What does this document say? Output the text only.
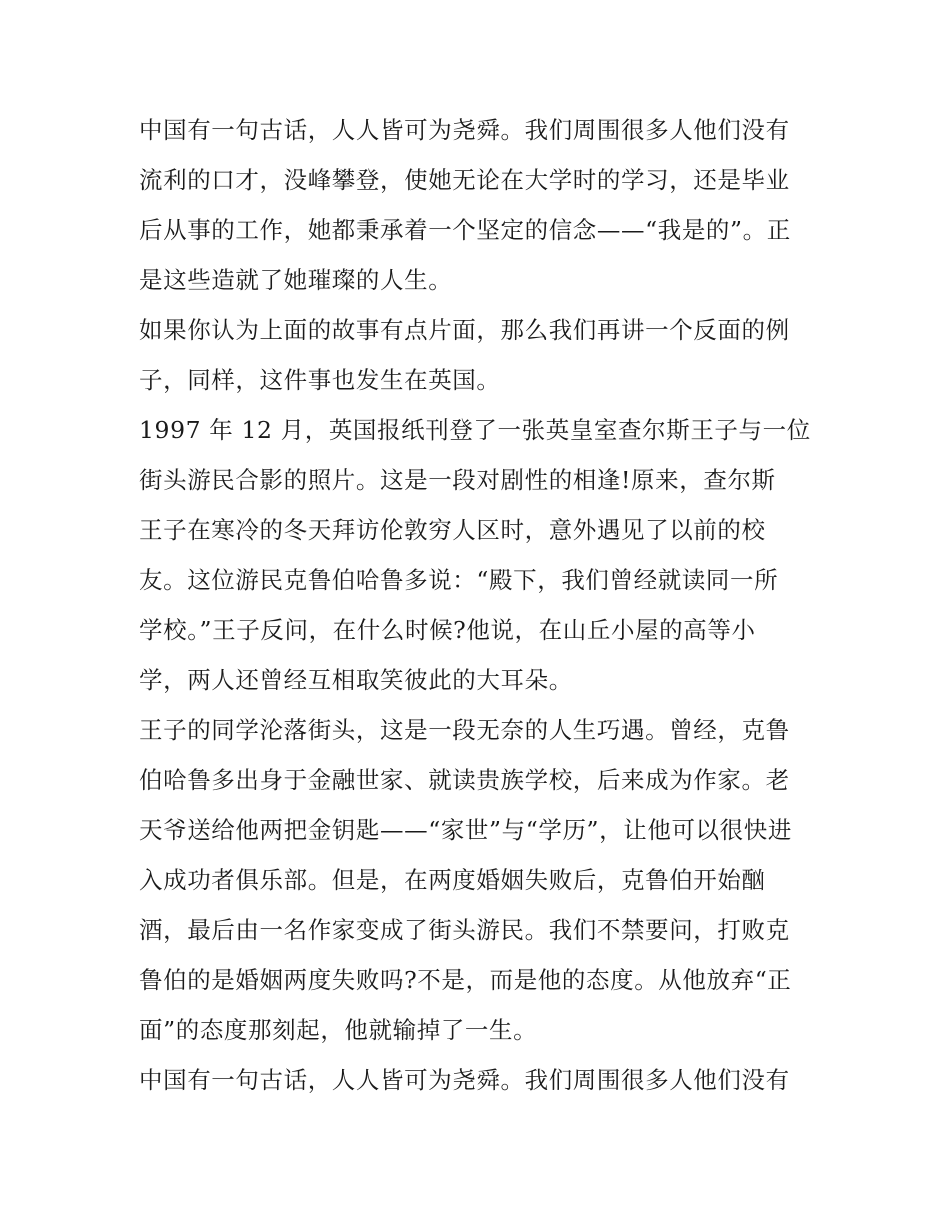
中国有一句古话，人人皆可为尧舜。我们周围很多人他们没有
流利的口才，没峰攀登，使她无论在大学时的学习，还是毕业
后从事的工作，她都秉承着一个坚定的信念——“我是的”。正
是这些造就了她璀璨的人生。
如果你认为上面的故事有点片面，那么我们再讲一个反面的例
子，同样，这件事也发生在英国。
1997 年 12 月，英国报纸刊登了一张英皇室查尔斯王子与一位
街头游民合影的照片。这是一段对剧性的相逢!原来，查尔斯
王子在寒冷的冬天拜访伦敦穷人区时，意外遇见了以前的校
友。这位游民克鲁伯哈鲁多说：“殿下，我们曾经就读同一所
学校。”王子反问，在什么时候?他说，在山丘小屋的高等小
学，两人还曾经互相取笑彼此的大耳朵。
王子的同学沦落街头，这是一段无奈的人生巧遇。曾经，克鲁
伯哈鲁多出身于金融世家、就读贵族学校，后来成为作家。老
天爷送给他两把金钥匙——“家世”与“学历”，让他可以很快进
入成功者俱乐部。但是，在两度婚姻失败后，克鲁伯开始酗
酒，最后由一名作家变成了街头游民。我们不禁要问，打败克
鲁伯的是婚姻两度失败吗?不是，而是他的态度。从他放弃“正
面”的态度那刻起，他就输掉了一生。
中国有一句古话，人人皆可为尧舜。我们周围很多人他们没有
